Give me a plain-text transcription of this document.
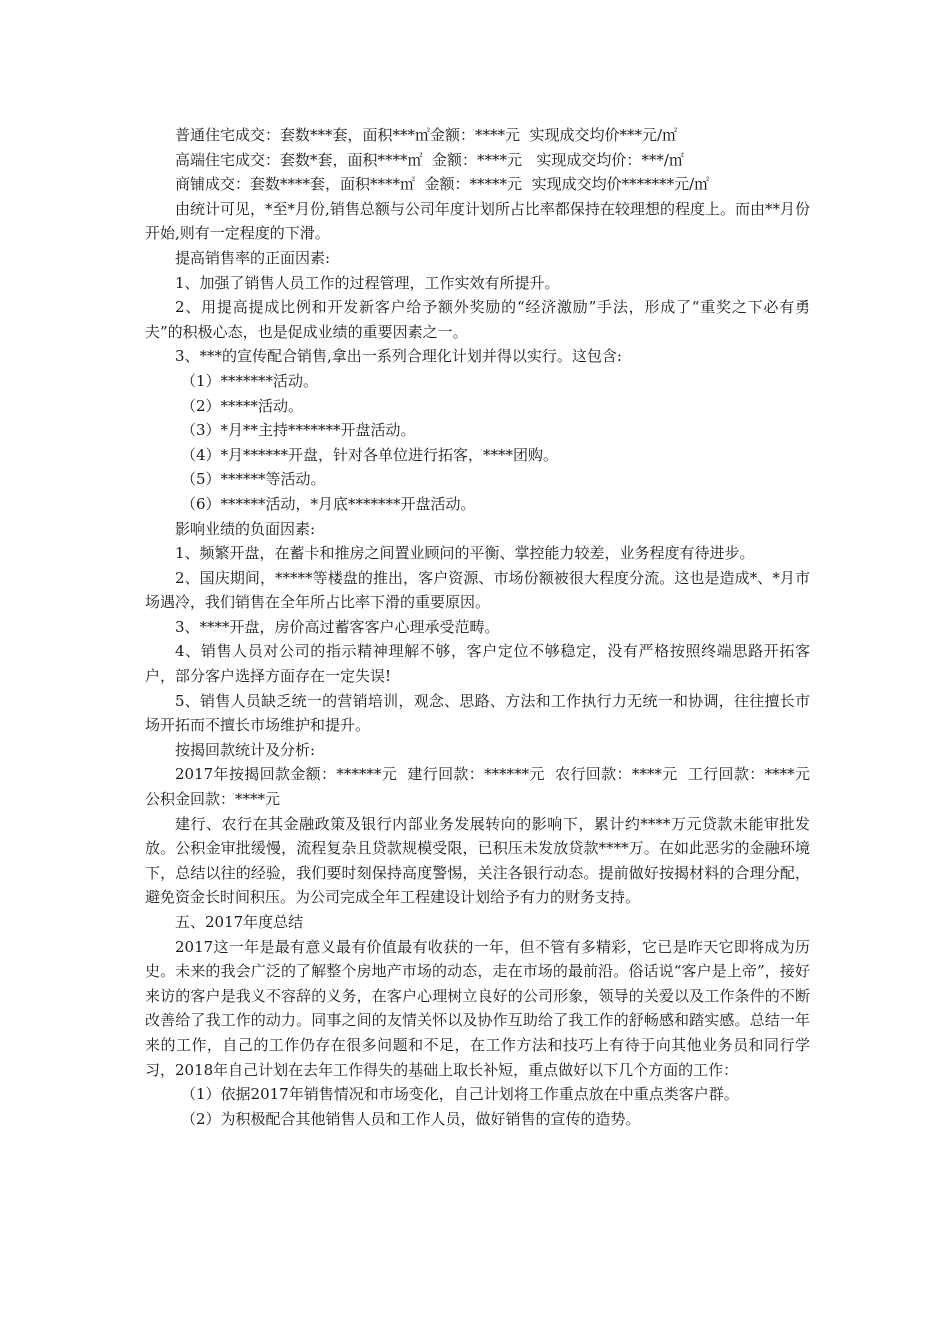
普通住宅成交：套数***套，面积***㎡金额：****元  实现成交均价***元/㎡

高端住宅成交：套数*套，面积****㎡  金额：****元   实现成交均价：***/㎡

商铺成交：套数****套，面积****㎡  金额：*****元  实现成交均价*******元/㎡

由统计可见，*至*月份,销售总额与公司年度计划所占比率都保持在较理想的程度上。而由**月份开始,则有一定程度的下滑。

提高销售率的正面因素:

1、加强了销售人员工作的过程管理，工作实效有所提升。

2、用提高提成比例和开发新客户给予额外奖励的“经济激励”手法，形成了“重奖之下必有勇夫”的积极心态，也是促成业绩的重要因素之一。

3、***的宣传配合销售,拿出一系列合理化计划并得以实行。这包含:

（1）*******活动。

（2）*****活动。

（3）*月**主持*******开盘活动。

（4）*月******开盘，针对各单位进行拓客，****团购。

（5）******等活动。

（6）******活动，*月底*******开盘活动。

影响业绩的负面因素:

1、频繁开盘，在蓄卡和推房之间置业顾问的平衡、掌控能力较差，业务程度有待进步。

2、国庆期间，*****等楼盘的推出，客户资源、市场份额被很大程度分流。这也是造成*、*月市场遇冷，我们销售在全年所占比率下滑的重要原因。

3、****开盘，房价高过蓄客客户心理承受范畴。

4、销售人员对公司的指示精神理解不够，客户定位不够稳定，没有严格按照终端思路开拓客户，部分客户选择方面存在一定失误!

5、销售人员缺乏统一的营销培训，观念、思路、方法和工作执行力无统一和协调，往往擅长市场开拓而不擅长市场维护和提升。

按揭回款统计及分析:

2017年按揭回款金额：******元  建行回款：******元  农行回款：****元  工行回款：****元  公积金回款：****元

建行、农行在其金融政策及银行内部业务发展转向的影响下，累计约****万元贷款未能审批发放。公积金审批缓慢，流程复杂且贷款规模受限，已积压未发放贷款****万。在如此恶劣的金融环境下，总结以往的经验，我们要时刻保持高度警惕，关注各银行动态。提前做好按揭材料的合理分配，避免资金长时间积压。为公司完成全年工程建设计划给予有力的财务支持。

五、2017年度总结

2017这一年是最有意义最有价值最有收获的一年，但不管有多精彩，它已是昨天它即将成为历史。未来的我会广泛的了解整个房地产市场的动态，走在市场的最前沿。俗话说“客户是上帝”，接好来访的客户是我义不容辞的义务，在客户心理树立良好的公司形象，领导的关爱以及工作条件的不断改善给了我工作的动力。同事之间的友情关怀以及协作互助给了我工作的舒畅感和踏实感。总结一年来的工作，自己的工作仍存在很多问题和不足，在工作方法和技巧上有待于向其他业务员和同行学习，2018年自己计划在去年工作得失的基础上取长补短，重点做好以下几个方面的工作：

（1）依据2017年销售情况和市场变化，自己计划将工作重点放在中重点类客户群。

（2）为积极配合其他销售人员和工作人员，做好销售的宣传的造势。
